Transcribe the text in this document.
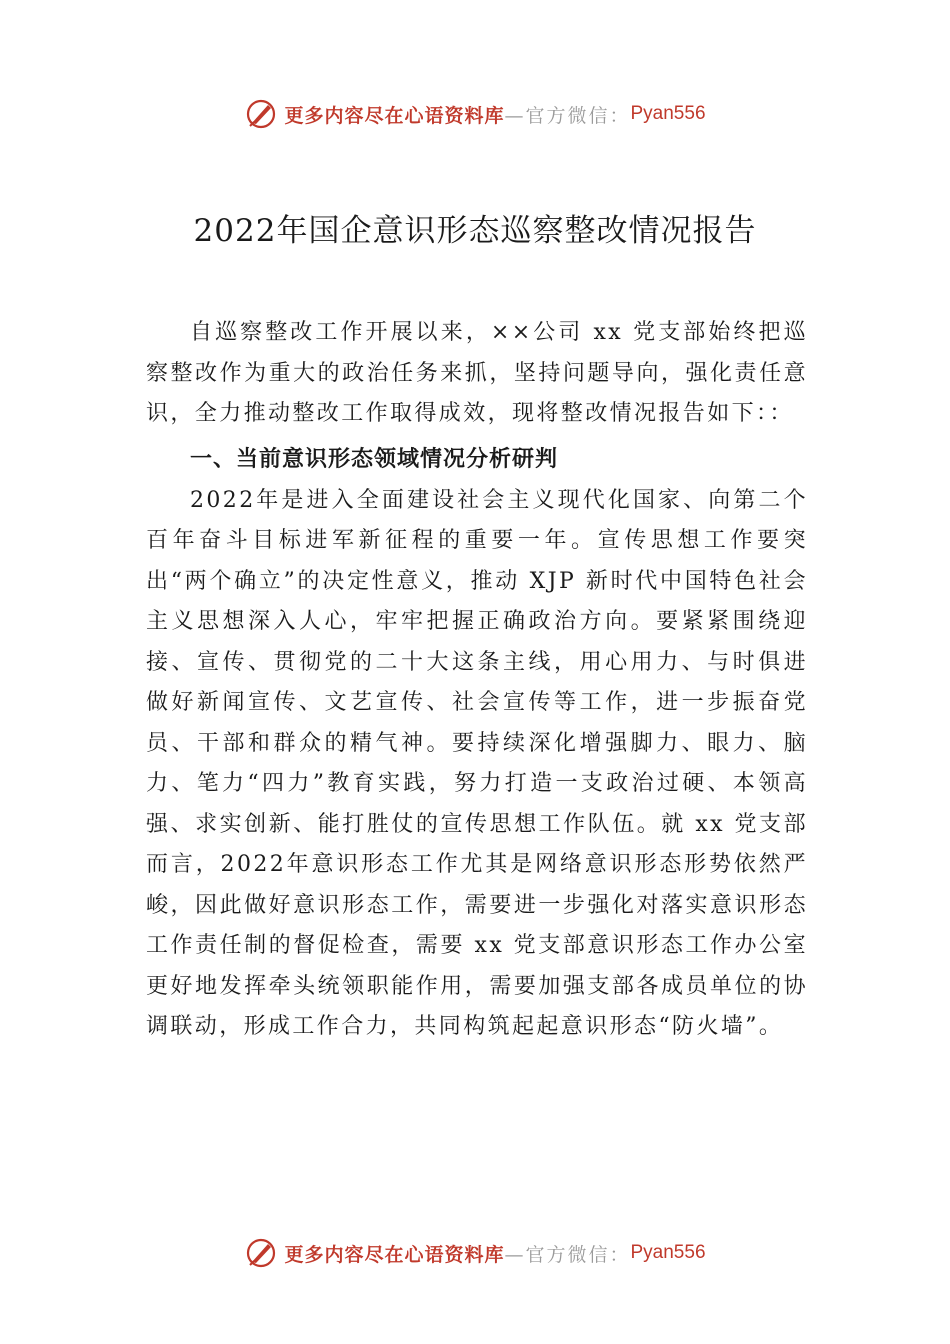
更多内容尽在心语资料库 —官方微信： Pyan556
2022年国企意识形态巡察整改情况报告

自巡察整改工作开展以来，××公司 xx 党支部始终把巡察整改作为重大的政治任务来抓，坚持问题导向，强化责任意识，全力推动整改工作取得成效，现将整改情况报告如下：：

一、当前意识形态领域情况分析研判

2022年是进入全面建设社会主义现代化国家、向第二个百年奋斗目标进军新征程的重要一年。宣传思想工作要突出“两个确立”的决定性意义，推动 XJP 新时代中国特色社会主义思想深入人心，牢牢把握正确政治方向。要紧紧围绕迎接、宣传、贯彻党的二十大这条主线，用心用力、与时俱进 做好新闻宣传、文艺宣传、社会宣传等工作，进一步振奋党员、干部和群众的精气神。要持续深化增强脚力、眼力、脑力、笔力“四力”教育实践，努力打造一支政治过硬、本领高强、求实创新、能打胜仗的宣传思想工作队伍。就 xx 党支部而言，2022年意识形态工作尤其是网络意识形态形势依然严峻，因此做好意识形态工作，需要进一步强化对落实意识形态工作责任制的督促检查，需要 xx 党支部意识形态工作办公室更好地发挥牵头统领职能作用，需要加强支部各成员单位的协调联动，形成工作合力，共同构筑起起意识形态“防火墙”。

更多内容尽在心语资料库 —官方微信： Pyan556
